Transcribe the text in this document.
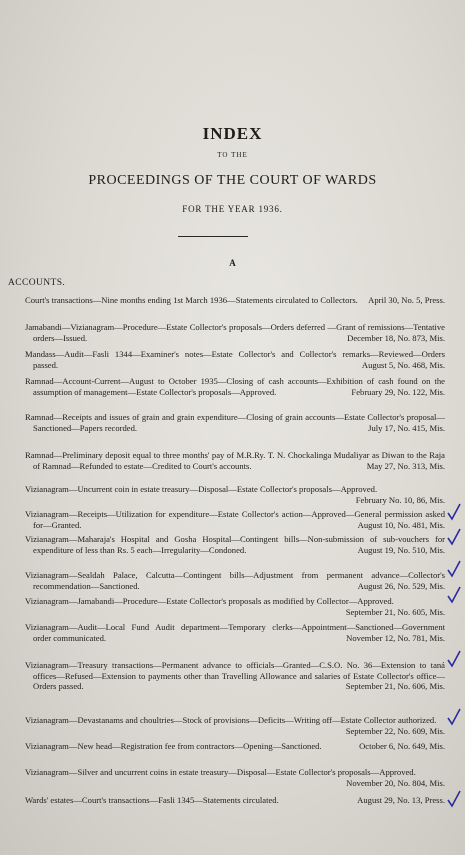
INDEX
TO THE
PROCEEDINGS OF THE COURT OF WARDS
FOR THE YEAR 1936.
A
ACCOUNTS.
Court's transactions—Nine months ending 1st March 1936—Statements circulated to Collectors. April 30, No. 5, Press.
Jamabandi—Vizianagram—Procedure—Estate Collector's proposals—Orders deferred —Grant of remissions—Tentative orders—Issued.	December 18, No. 873, Mis.
Mandass—Audit—Fasli 1344—Examiner's notes—Estate Collector's and Collector's remarks—Reviewed—Orders passed.	August 5, No. 468, Mis.
Ramnad—Account-Current—August to October 1935—Closing of cash accounts—Exhibition of cash found on the assumption of management—Estate Collector's proposals—Approved.	February 29, No. 122, Mis.
Ramnad—Receipts and issues of grain and grain expenditure—Closing of grain accounts—Estate Collector's proposal—Sanctioned—Papers recorded.	July 17, No. 415, Mis.
Ramnad—Preliminary deposit equal to three months' pay of M.R.Ry. T. N. Chockalinga Mudaliyar as Diwan to the Raja of Ramnad—Refunded to estate—Credited to Court's accounts.	May 27, No. 313, Mis.
Vizianagram—Uncurrent coin in estate treasury—Disposal—Estate Collector's proposals—Approved.
February No. 10, 86, Mis.
Vizianagram—Receipts—Utilization for expenditure—Estate Collector's action—Approved—General permission asked for—Granted.	August 10, No. 481, Mis.
Vizianagram—Maharaja's Hospital and Gosha Hospital—Contingent bills—Non-submission of sub-vouchers for expenditure of less than Rs. 5 each—Irregularity—Condoned.	August 19, No. 510, Mis.
Vizianagram—Sealdah Palace, Calcutta—Contingent bills—Adjustment from permanent advance—Collector's recommendation—Sanctioned.	August 26, No. 529, Mis.
Vizianagram—Jamabandi—Procedure—Estate Collector's proposals as modified by Collector—Approved.
September 21, No. 605, Mis.
Vizianagram—Audit—Local Fund Audit department—Temporary clerks—Appointment—Sanctioned—Government order communicated.	November 12, No. 781, Mis.
Vizianagram—Treasury transactions—Permanent advance to officials—Granted—C.S.O. No. 36—Extension to taná offices—Refused—Extension to payments other than Travelling Allowance and salaries of Estate Collector's office—Orders passed.	September 21, No. 606, Mis.
Vizianagram—Devastanams and choultries—Stock of provisions—Deficits—Writing off—Estate Collector authorized.
September 22, No. 609, Mis.
Vizianagram—New head—Registration fee from contractors—Opening—Sanctioned.	October 6, No. 649, Mis.
Vizianagram—Silver and uncurrent coins in estate treasury—Disposal—Estate Collector's proposals—Approved.
November 20, No. 804, Mis.
Wards' estates—Court's transactions—Fasli 1345—Statements circulated.	August 29, No. 13, Press.
